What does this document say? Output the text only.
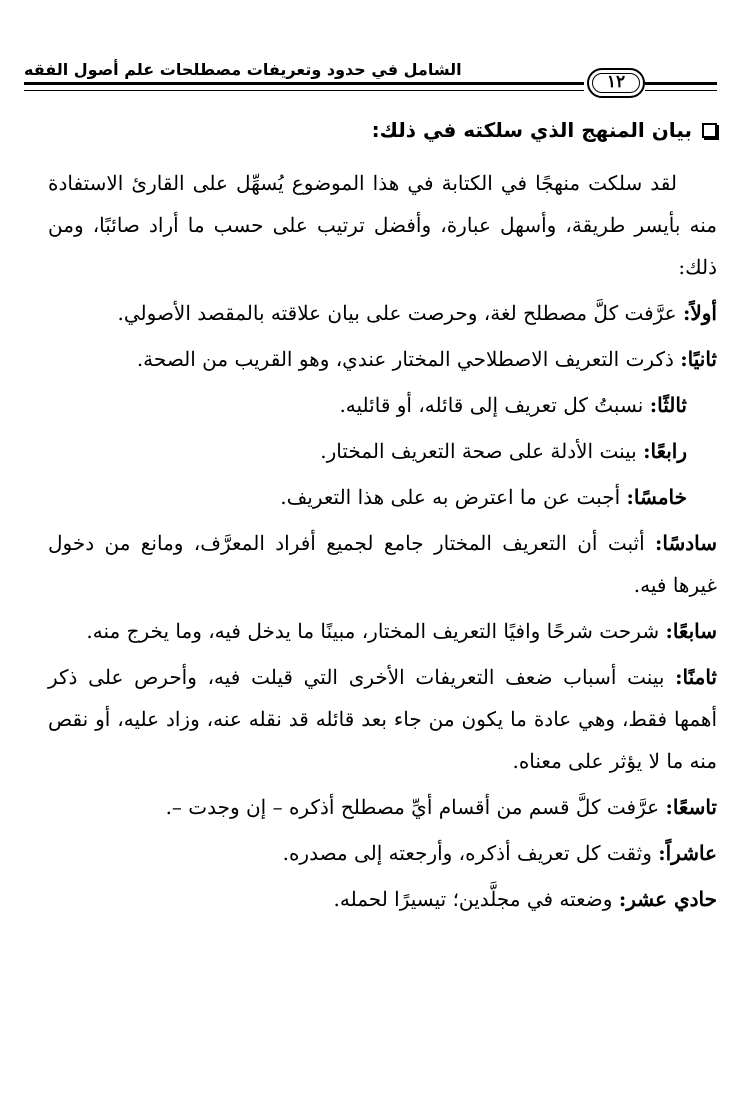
الشامل في حدود وتعريفات مصطلحات علم أصول الفقه
١٢
بيان المنهج الذي سلكته في ذلك:

لقد سلكت منهجًا في الكتابة في هذا الموضوع يُسهِّل على القارئ الاستفادة منه بأيسر طريقة، وأسهل عبارة، وأفضل ترتيب على حسب ما أراد صائبًا، ومن ذلك:

أولاً: عرَّفت كلَّ مصطلح لغة، وحرصت على بيان علاقته بالمقصد الأصولي.

ثانيًا: ذكرت التعريف الاصطلاحي المختار عندي، وهو القريب من الصحة.

ثالثًا: نسبتُ كل تعريف إلى قائله، أو قائليه.

رابعًا: بينت الأدلة على صحة التعريف المختار.

خامسًا: أجبت عن ما اعترض به على هذا التعريف.

سادسًا: أثبت أن التعريف المختار جامع لجميع أفراد المعرَّف، ومانع من دخول غيرها فيه.

سابعًا: شرحت شرحًا وافيًا التعريف المختار، مبينًا ما يدخل فيه، وما يخرج منه.

ثامنًا: بينت أسباب ضعف التعريفات الأخرى التي قيلت فيه، وأحرص على ذكر أهمها فقط، وهي عادة ما يكون من جاء بعد قائله قد نقله عنه، وزاد عليه، أو نقص منه ما لا يؤثر على معناه.

تاسعًا: عرَّفت كلَّ قسم من أقسام أيِّ مصطلح أذكره – إن وجدت –.

عاشراً: وثقت كل تعريف أذكره، وأرجعته إلى مصدره.

حادي عشر: وضعته في مجلَّدين؛ تيسيرًا لحمله.
